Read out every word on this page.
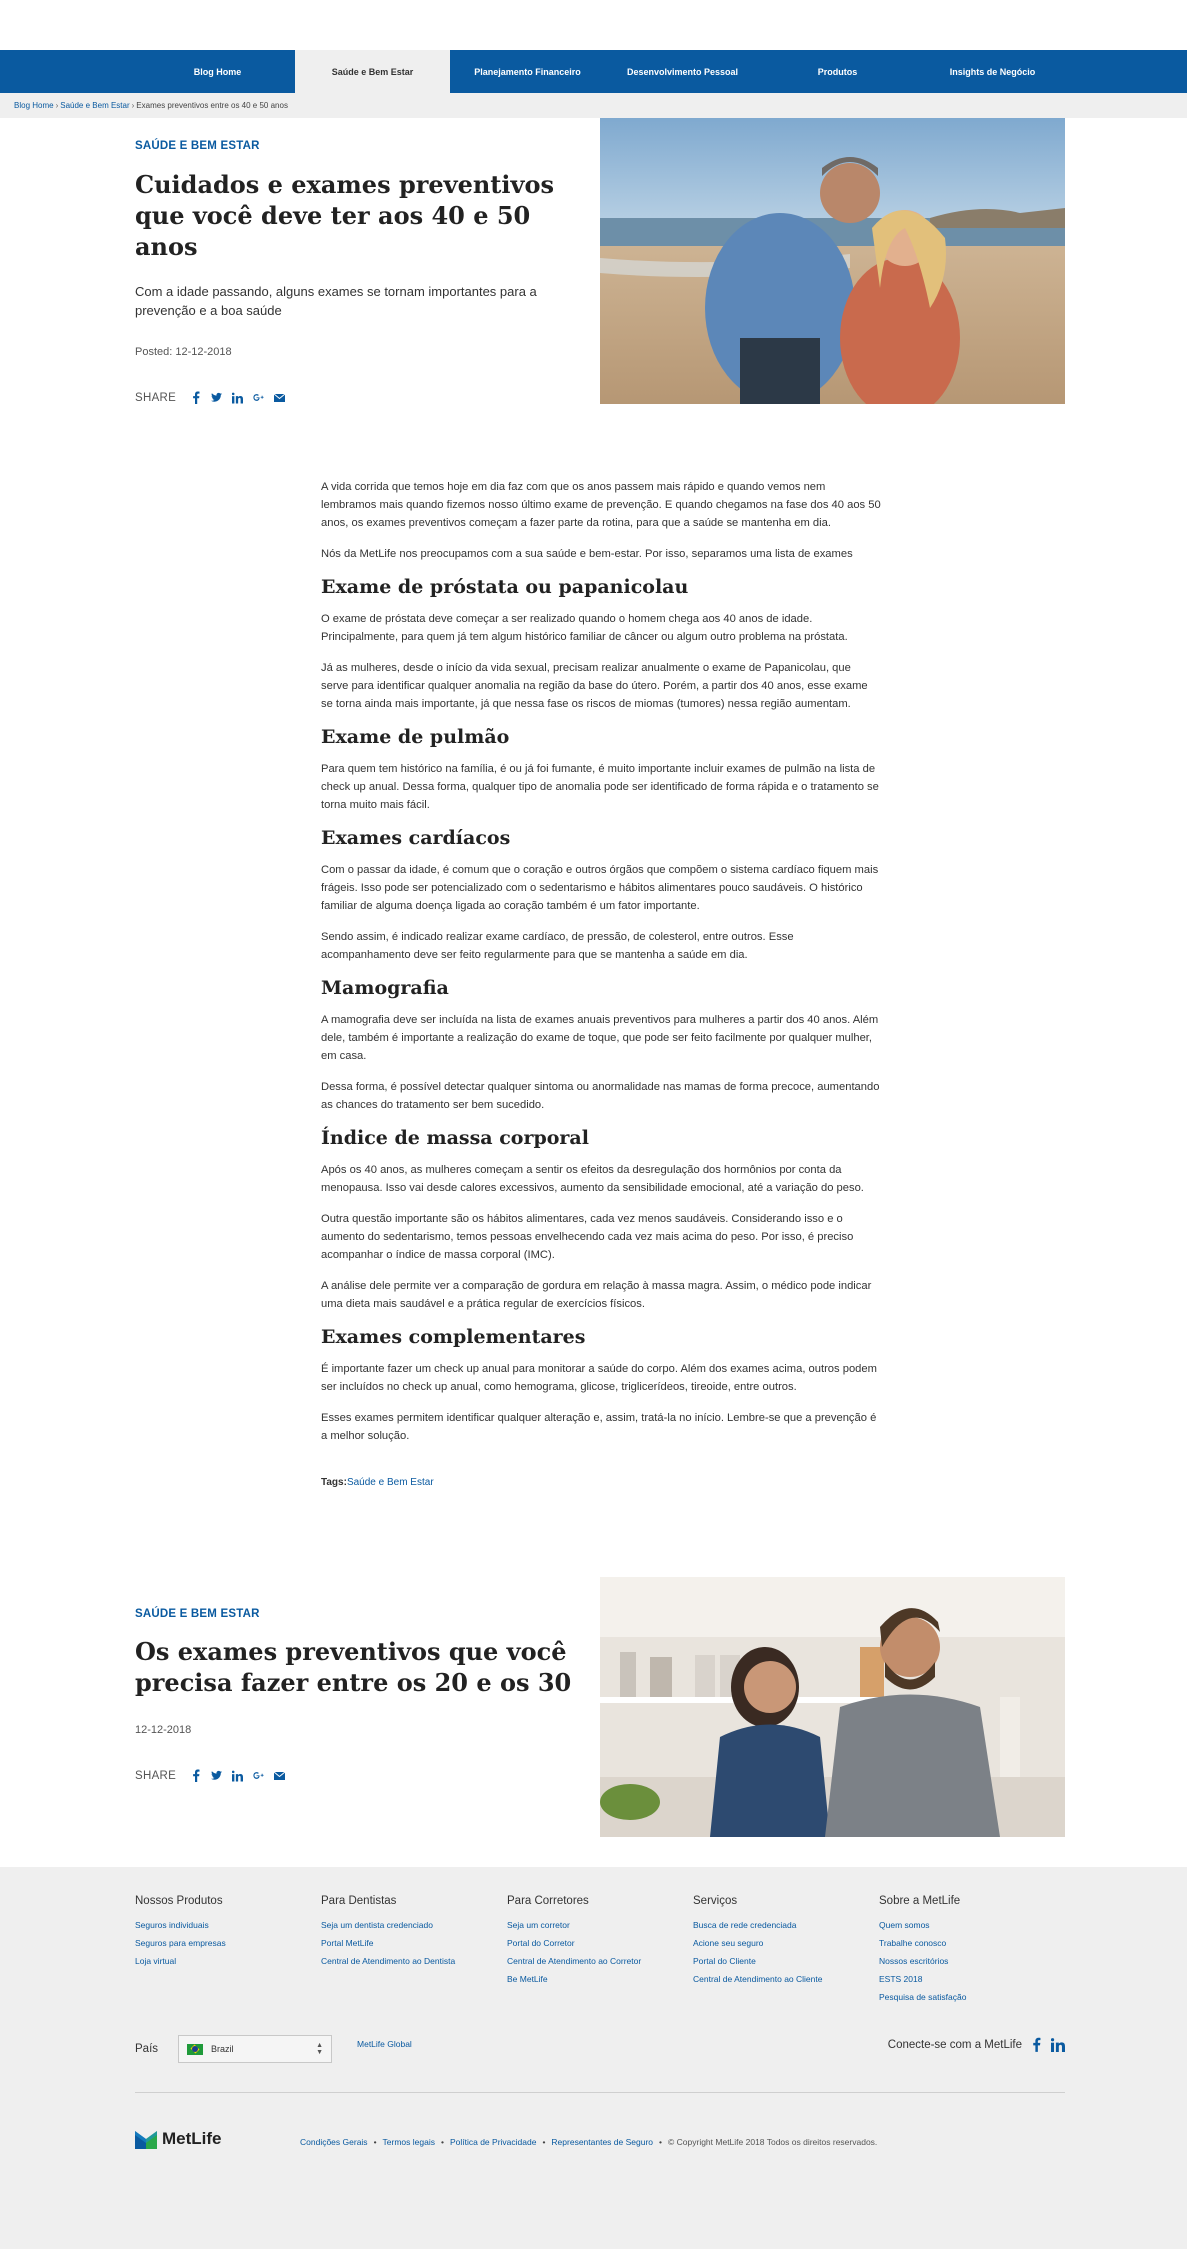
Blog Home	Saúde e Bem Estar	Planejamento Financeiro	Desenvolvimento Pessoal	Produtos	Insights de Negócio
Blog Home › Saúde e Bem Estar › Exames preventivos entre os 40 e 50 anos
SAÚDE E BEM ESTAR
Cuidados e exames preventivos que você deve ter aos 40 e 50 anos

Com a idade passando, alguns exames se tornam importantes para a prevenção e a boa saúde

Posted: 12-12-2018
SHARE

A vida corrida que temos hoje em dia faz com que os anos passem mais rápido e quando vemos nem lembramos mais quando fizemos nosso último exame de prevenção. E quando chegamos na fase dos 40 aos 50 anos, os exames preventivos começam a fazer parte da rotina, para que a saúde se mantenha em dia.

Nós da MetLife nos preocupamos com a sua saúde e bem-estar. Por isso, separamos uma lista de exames

Exame de próstata ou papanicolau

O exame de próstata deve começar a ser realizado quando o homem chega aos 40 anos de idade. Principalmente, para quem já tem algum histórico familiar de câncer ou algum outro problema na próstata.

Já as mulheres, desde o início da vida sexual, precisam realizar anualmente o exame de Papanicolau, que serve para identificar qualquer anomalia na região da base do útero. Porém, a partir dos 40 anos, esse exame se torna ainda mais importante, já que nessa fase os riscos de miomas (tumores) nessa região aumentam.

Exame de pulmão

Para quem tem histórico na família, é ou já foi fumante, é muito importante incluir exames de pulmão na lista de check up anual. Dessa forma, qualquer tipo de anomalia pode ser identificado de forma rápida e o tratamento se torna muito mais fácil.

Exames cardíacos

Com o passar da idade, é comum que o coração e outros órgãos que compõem o sistema cardíaco fiquem mais frágeis. Isso pode ser potencializado com o sedentarismo e hábitos alimentares pouco saudáveis. O histórico familiar de alguma doença ligada ao coração também é um fator importante.

Sendo assim, é indicado realizar exame cardíaco, de pressão, de colesterol, entre outros. Esse acompanhamento deve ser feito regularmente para que se mantenha a saúde em dia.

Mamografia

A mamografia deve ser incluída na lista de exames anuais preventivos para mulheres a partir dos 40 anos. Além dele, também é importante a realização do exame de toque, que pode ser feito facilmente por qualquer mulher, em casa.

Dessa forma, é possível detectar qualquer sintoma ou anormalidade nas mamas de forma precoce, aumentando as chances do tratamento ser bem sucedido.

Índice de massa corporal

Após os 40 anos, as mulheres começam a sentir os efeitos da desregulação dos hormônios por conta da menopausa. Isso vai desde calores excessivos, aumento da sensibilidade emocional, até a variação do peso.

Outra questão importante são os hábitos alimentares, cada vez menos saudáveis. Considerando isso e o aumento do sedentarismo, temos pessoas envelhecendo cada vez mais acima do peso. Por isso, é preciso acompanhar o índice de massa corporal (IMC).

A análise dele permite ver a comparação de gordura em relação à massa magra. Assim, o médico pode indicar uma dieta mais saudável e a prática regular de exercícios físicos.

Exames complementares

É importante fazer um check up anual para monitorar a saúde do corpo. Além dos exames acima, outros podem ser incluídos no check up anual, como hemograma, glicose, triglicerídeos, tireoide, entre outros.

Esses exames permitem identificar qualquer alteração e, assim, tratá-la no início. Lembre-se que a prevenção é a melhor solução.

Tags:Saúde e Bem Estar
SAÚDE E BEM ESTAR
Os exames preventivos que você precisa fazer entre os 20 e os 30
12-12-2018
SHARE
Nossos Produtos
Seguros individuais
Seguros para empresas
Loja virtual
Para Dentistas
Seja um dentista credenciado
Portal MetLife
Central de Atendimento ao Dentista
Para Corretores
Seja um corretor
Portal do Corretor
Central de Atendimento ao Corretor
Be MetLife
Serviços
Busca de rede credenciada
Acione seu seguro
Portal do Cliente
Central de Atendimento ao Cliente
Sobre a MetLife
Quem somos
Trabalhe conosco
Nossos escritórios
ESTS 2018
Pesquisa de satisfação
País	Brazil	▲
▼
MetLife Global	Conecte-se com a MetLife
MetLife	Condições Gerais • Termos legais • Política de Privacidade • Representantes de Seguro • © Copyright MetLife 2018 Todos os direitos reservados.
